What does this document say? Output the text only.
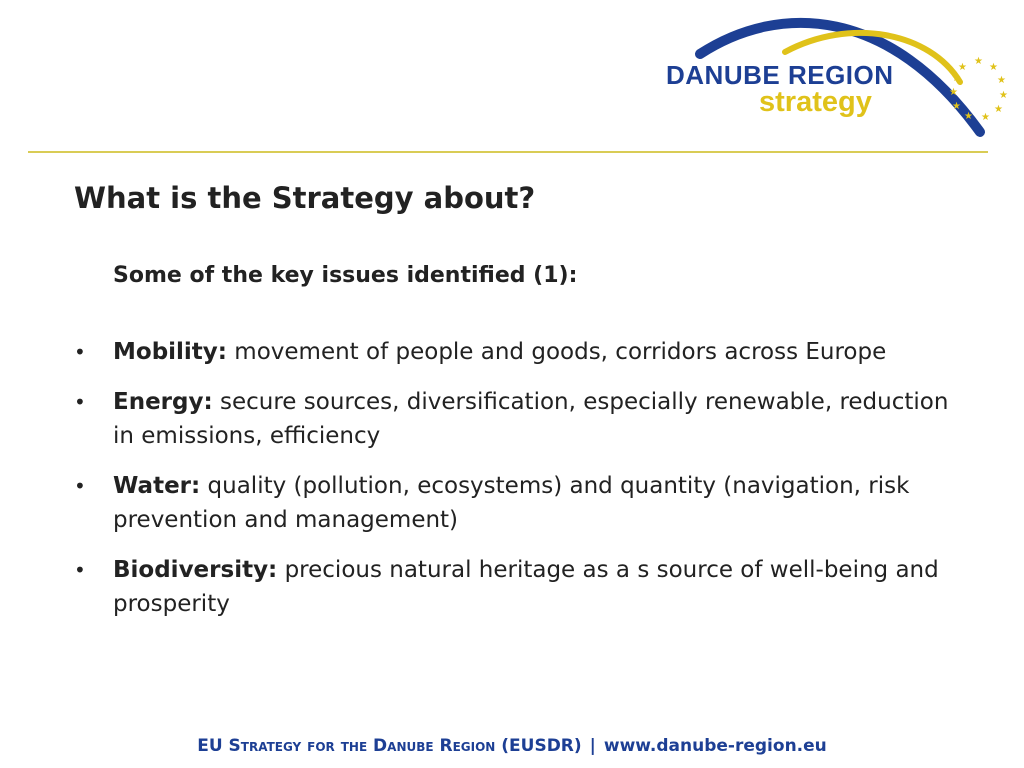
★
★
★
★
★
★
★
★
★
★
★
DANUBE REGION
strategy
What is the Strategy about?
Some of the key issues identified (1):
• Mobility: movement of people and goods, corridors across Europe
• Energy: secure sources, diversification, especially renewable, reduction in emissions, efficiency
• Water: quality (pollution, ecosystems) and quantity (navigation, risk prevention and management)
• Biodiversity: precious natural heritage as a s source of well-being and prosperity
EU Strategy for the Danube Region (EUSDR) | www.danube-region.eu
